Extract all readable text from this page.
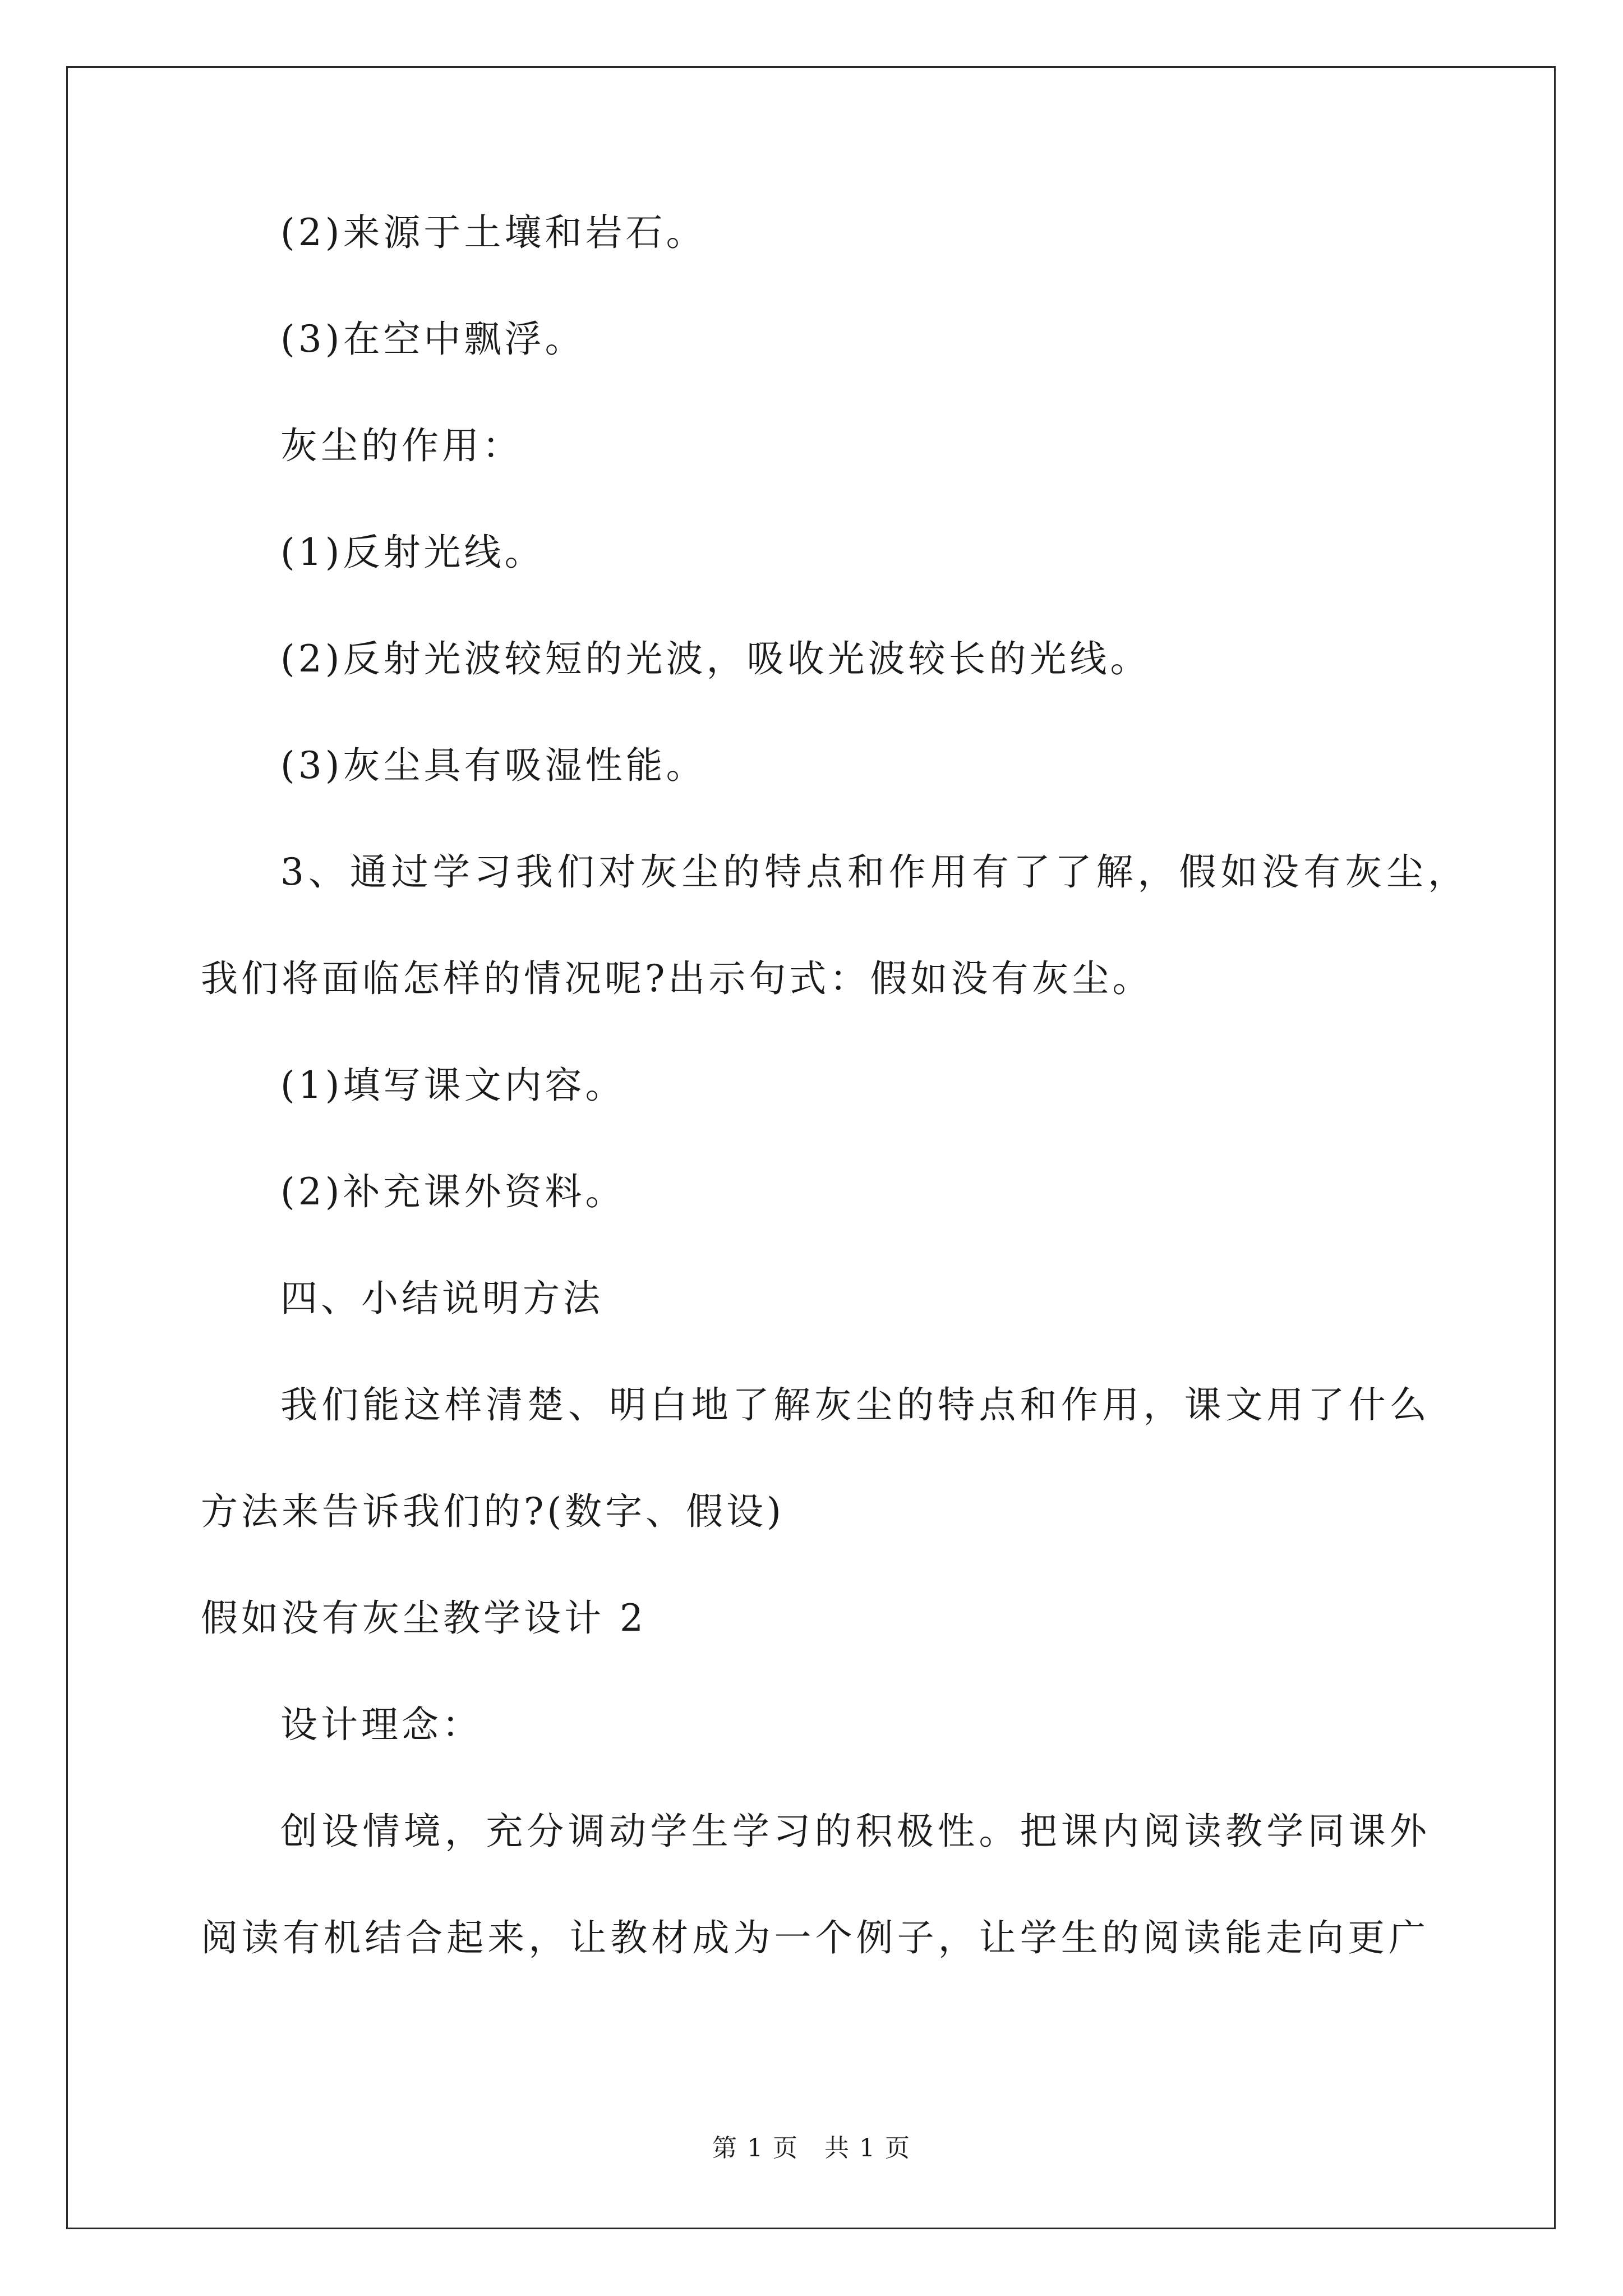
(2)来源于土壤和岩石。
(3)在空中飘浮。
灰尘的作用：
(1)反射光线。
(2)反射光波较短的光波，吸收光波较长的光线。
(3)灰尘具有吸湿性能。
3、通过学习我们对灰尘的特点和作用有了了解，假如没有灰尘，
我们将面临怎样的情况呢?出示句式：假如没有灰尘。
(1)填写课文内容。
(2)补充课外资料。
四、小结说明方法
我们能这样清楚、明白地了解灰尘的特点和作用，课文用了什么
方法来告诉我们的?(数字、假设)
假如没有灰尘教学设计 2
设计理念：
创设情境，充分调动学生学习的积极性。把课内阅读教学同课外
阅读有机结合起来，让教材成为一个例子，让学生的阅读能走向更广
第 1 页　共 1 页
